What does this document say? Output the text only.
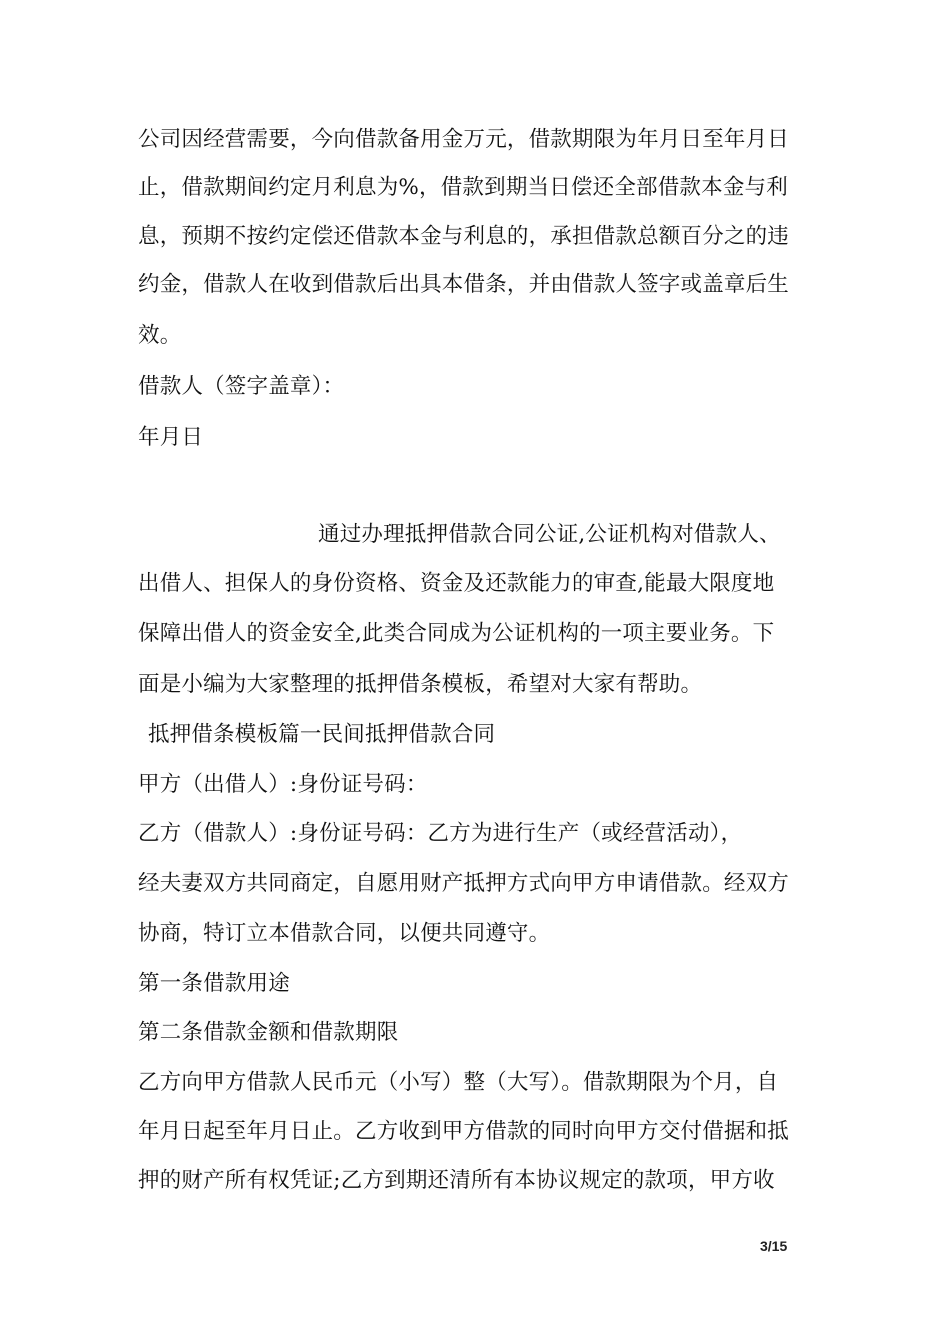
公司因经营需要，今向借款备用金万元，借款期限为年月日至年月日
止，借款期间约定月利息为%，借款到期当日偿还全部借款本金与利
息，预期不按约定偿还借款本金与利息的，承担借款总额百分之的违
约金，借款人在收到借款后出具本借条，并由借款人签字或盖章后生
效。
借款人（签字盖章）：
年月日
通过办理抵押借款合同公证,公证机构对借款人、
出借人、担保人的身份资格、资金及还款能力的审查,能最大限度地
保障出借人的资金安全,此类合同成为公证机构的一项主要业务。下
面是小编为大家整理的抵押借条模板，希望对大家有帮助。
抵押借条模板篇一民间抵押借款合同
甲方（出借人）:身份证号码：
乙方（借款人）:身份证号码：乙方为进行生产（或经营活动），
经夫妻双方共同商定，自愿用财产抵押方式向甲方申请借款。经双方
协商，特订立本借款合同，以便共同遵守。
第一条借款用途
第二条借款金额和借款期限
乙方向甲方借款人民币元（小写）整（大写）。借款期限为个月，自
年月日起至年月日止。乙方收到甲方借款的同时向甲方交付借据和抵
押的财产所有权凭证;乙方到期还清所有本协议规定的款项，甲方收
3/15
